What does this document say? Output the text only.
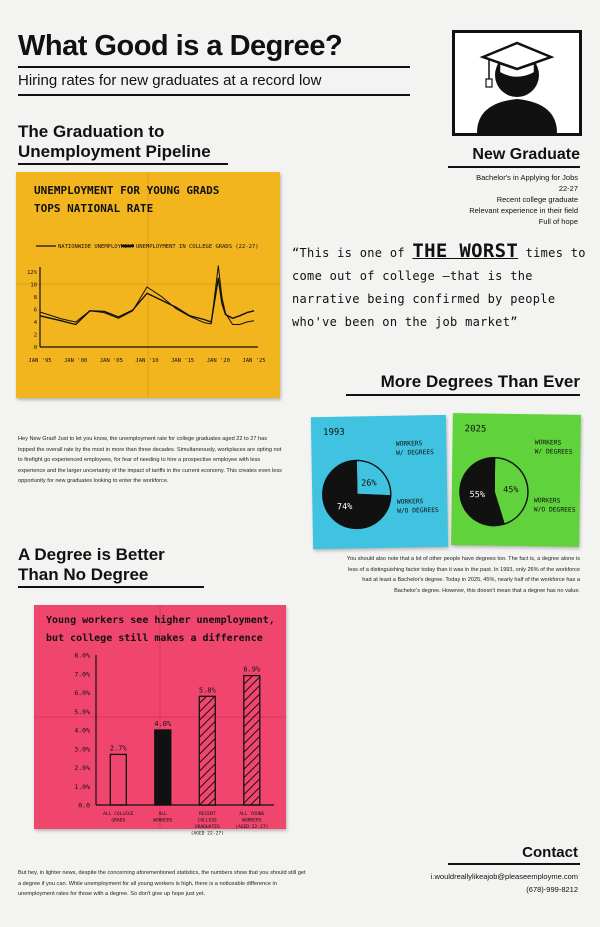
What Good is a Degree?
Hiring rates for new graduates at a record low
New Graduate
Bachelor's in Applying for Jobs
22-27
Recent college graduate
Relevant experience in their field
Full of hope
The Graduation to
Unemployment Pipeline
UNEMPLOYMENT FOR YOUNG GRADS
TOPS NATIONAL RATE
NATIONWIDE UNEMPLOYMENT UNEMPLOYMENT IN COLLEGE GRADS (22-27)
12%
10
8
6
4
2
0
JAN '95 JAN '00 JAN '05 JAN '10 JAN '15 JAN '20 JAN '25
Hey New Grad! Just to let you know, the unemployment rate for college graduates aged 22 to 27 has topped the overall rate by the most in more than three decades. Simultaneously, workplaces are opting not to firefight go experienced employees, for fear of needing to hire a prospective employee with less experience and the larger uncertainty of the impact of tariffs in the current economy. This creates even less opportunity for new graduates looking to enter the workforce.
“This is one of THE WORST times to
come out of college —that is the
narrative being confirmed by people
who've been on the job market”
More Degrees Than Ever
1993
26%
74%
WORKERS
W/ DEGREES
WORKERS
W/O DEGREES
2025
45%
55%
WORKERS
W/ DEGREES
WORKERS
W/O DEGREES
You should also note that a lot of other people have degrees too. The fact is, a degree alone is less of a distinguishing factor today than it was in the past. In 1993, only 26% of the workforce had at least a Bachelor's degree. Today in 2025, 45%, nearly half of the workforce has a Bachelor's degree. However, this doesn't mean that a degree has no value.
A Degree is Better
Than No Degree
Young workers see higher unemployment,
but college still makes a difference
8.0%
7.0%
6.0%
5.0%
4.0%
3.0%
2.0%
1.0%
0.0
2.7%
ALL COLLEGE
GRADS
4.0%
ALL
WORKERS
5.8%
RECENT
COLLEGE
GRADUATES
(AGED 22-27)
6.9%
ALL YOUNG
WORKERS
(AGED 22-27)
But hey, in lighter news, despite the concerning aforementioned statistics, the numbers show that you should still get a degree if you can. While unemployment for all young workers is high, there is a noticeable difference in unemployment rates for those with a degree. So don't give up hope just yet.
Contact
i.wouldreallylikeajob@pleaseemployme.com
(678)-999-8212
